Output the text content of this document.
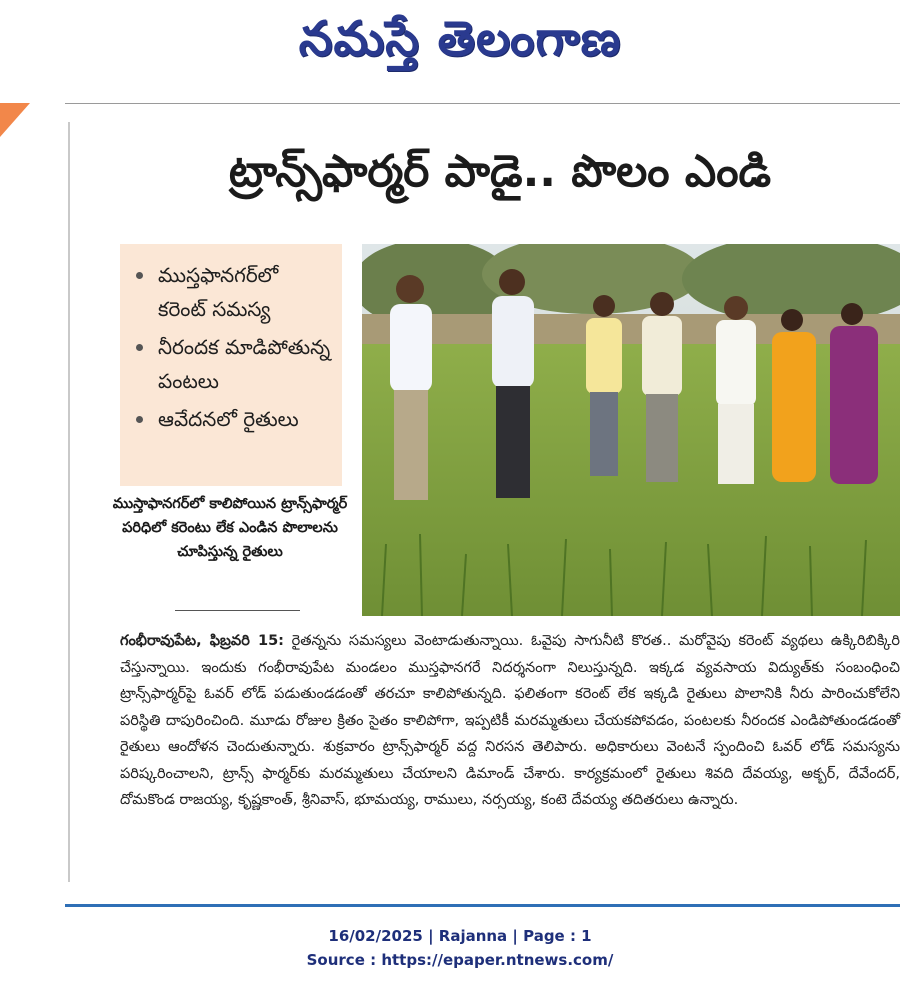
నమస్తే తెలంగాణ
ట్రాన్స్‌ఫార్మర్‌ పాడై.. పొలం ఎండి
ముస్తఫానగర్‌లో కరెంట్‌ సమస్య
నీరందక మాడిపోతున్న పంటలు
ఆవేదనలో రైతులు
ముస్తాఫానగర్‌లో కాలిపోయిన ట్రాన్స్‌ఫార్మర్‌ పరిధిలో కరెంటు లేక ఎండిన పొలాలను చూపిస్తున్న రైతులు
గంభీరావుపేట, ఫిబ్రవరి 15: రైతన్నను సమస్యలు వెంటాడుతున్నాయి. ఓవైపు సాగునీటి కొరత.. మరోవైపు కరెంట్‌ వ్యథలు ఉక్కిరిబిక్కిరి చేస్తున్నాయి. ఇందుకు గంభీరావుపేట మండలం ముస్తఫానగరే నిదర్శనంగా నిలుస్తున్నది. ఇక్కడ వ్యవసాయ విద్యుత్‌కు సంబంధించి ట్రాన్స్‌ఫార్మర్‌పై ఓవర్‌ లోడ్‌ పడుతుండడంతో తరచూ కాలిపోతున్నది. ఫలితంగా కరెంట్‌ లేక ఇక్కడి రైతులు పొలానికి నీరు పారించుకోలేని పరిస్థితి దాపురించింది. మూడు రోజుల క్రితం సైతం కాలిపోగా, ఇప్పటికీ మరమ్మతులు చేయకపోవడం, పంటలకు నీరందక ఎండిపోతుండడంతో రైతులు ఆందోళన చెందుతున్నారు. శుక్రవారం ట్రాన్స్‌ఫార్మర్‌ వద్ద నిరసన తెలిపారు. అధికారులు వెంటనే స్పందించి ఓవర్‌ లోడ్‌ సమస్యను పరిష్కరించాలని, ట్రాన్స్‌ ఫార్మర్‌కు మరమ్మతులు చేయాలని డిమాండ్‌ చేశారు. కార్యక్రమంలో రైతులు శివది దేవయ్య, అక్బర్‌, దేవేందర్‌, దోమకొండ రాజయ్య, కృష్ణకాంత్‌, శ్రీనివాస్‌, భూమయ్య, రాములు, నర్సయ్య, కంటె దేవయ్య తదితరులు ఉన్నారు.
16/02/2025 | Rajanna | Page : 1
Source : https://epaper.ntnews.com/
